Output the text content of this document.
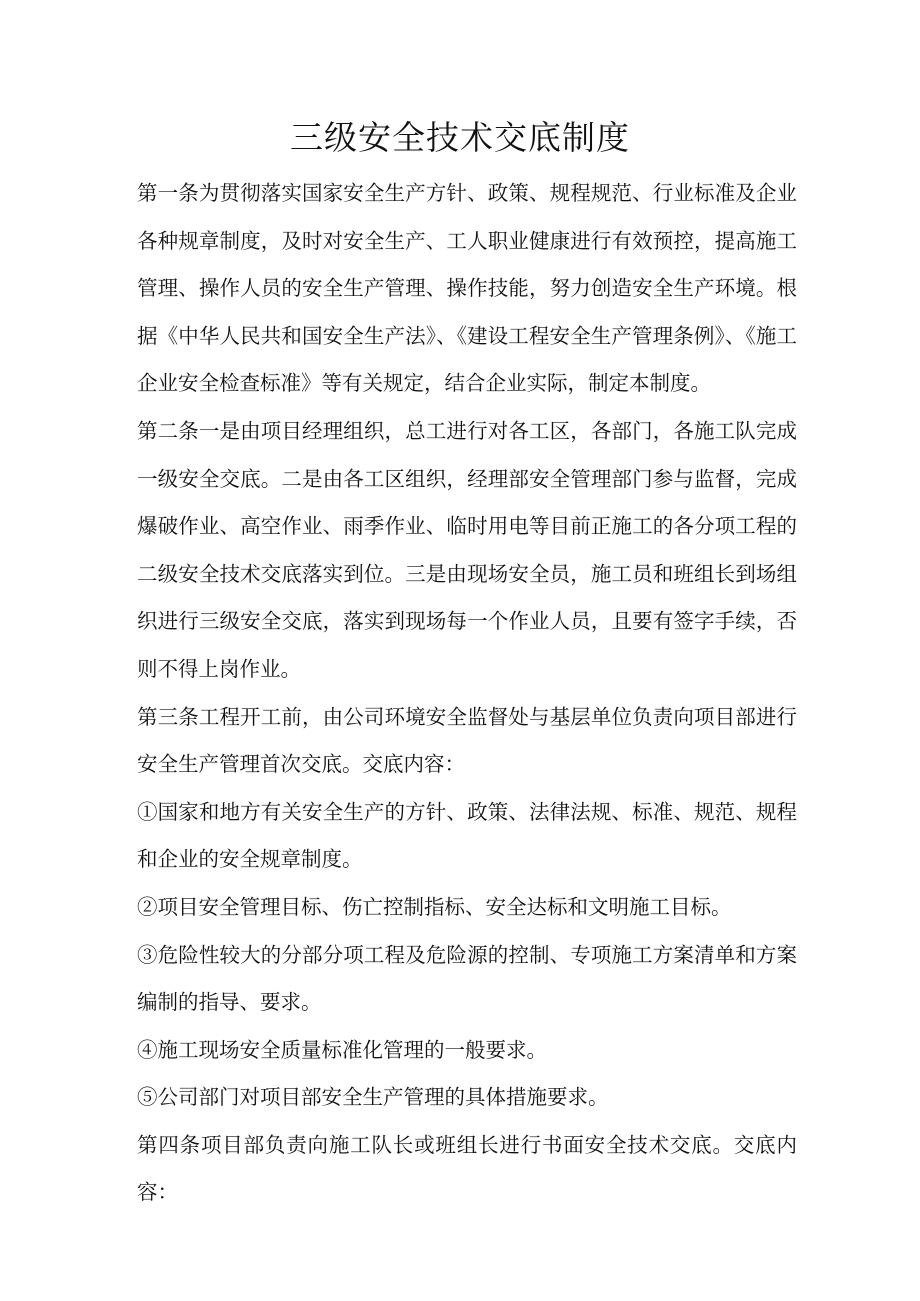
三级安全技术交底制度

第一条为贯彻落实国家安全生产方针、政策、规程规范、行业标准及企业各种规章制度，及时对安全生产、工人职业健康进行有效预控，提高施工管理、操作人员的安全生产管理、操作技能，努力创造安全生产环境。根据《中华人民共和国安全生产法》、《建设工程安全生产管理条例》、《施工企业安全检查标准》等有关规定，结合企业实际，制定本制度。

第二条一是由项目经理组织，总工进行对各工区，各部门，各施工队完成一级安全交底。二是由各工区组织，经理部安全管理部门参与监督，完成爆破作业、高空作业、雨季作业、临时用电等目前正施工的各分项工程的二级安全技术交底落实到位。三是由现场安全员，施工员和班组长到场组织进行三级安全交底，落实到现场每一个作业人员，且要有签字手续，否则不得上岗作业。

第三条工程开工前，由公司环境安全监督处与基层单位负责向项目部进行安全生产管理首次交底。交底内容：

①国家和地方有关安全生产的方针、政策、法律法规、标准、规范、规程和企业的安全规章制度。

②项目安全管理目标、伤亡控制指标、安全达标和文明施工目标。

③危险性较大的分部分项工程及危险源的控制、专项施工方案清单和方案编制的指导、要求。

④施工现场安全质量标准化管理的一般要求。

⑤公司部门对项目部安全生产管理的具体措施要求。

第四条项目部负责向施工队长或班组长进行书面安全技术交底。交底内容：
